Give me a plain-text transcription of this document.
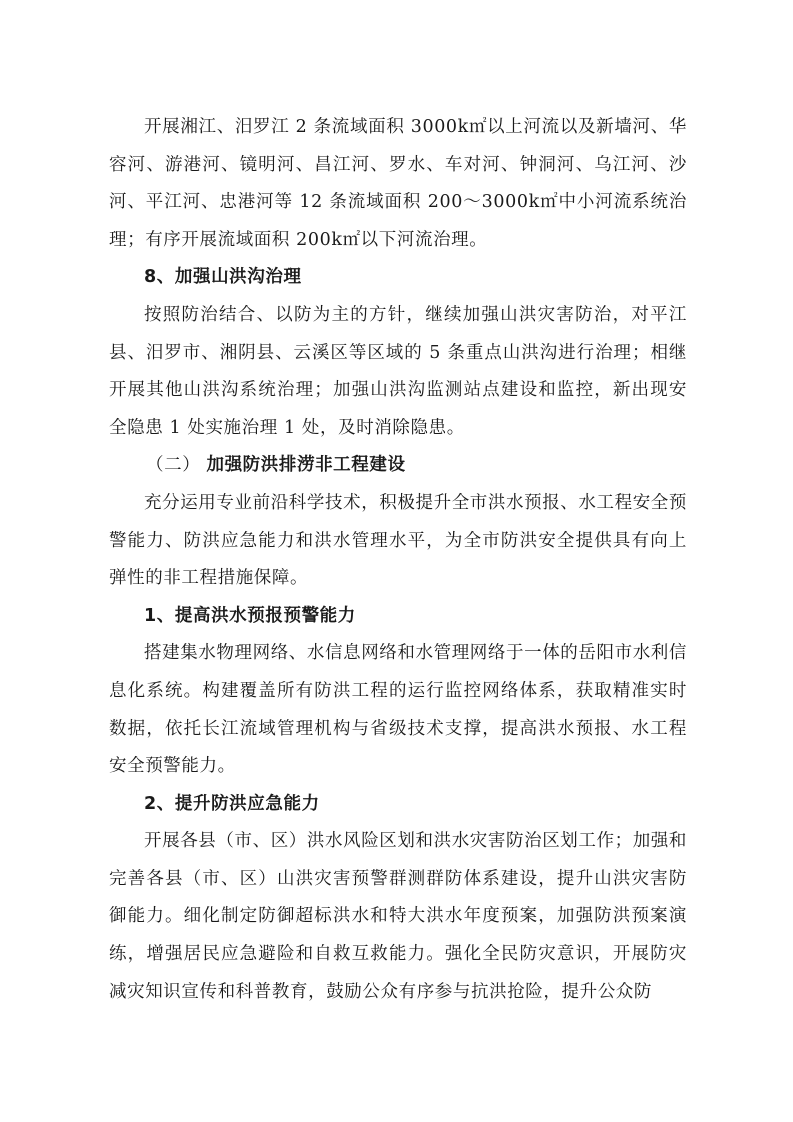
开展湘江、汨罗江 2 条流域面积 3000k㎡以上河流以及新墙河、华容河、游港河、镜明河、昌江河、罗水、车对河、钟洞河、乌江河、沙河、平江河、忠港河等 12 条流域面积 200～3000k㎡中小河流系统治理；有序开展流域面积 200k㎡以下河流治理。

8、加强山洪沟治理

按照防治结合、以防为主的方针，继续加强山洪灾害防治，对平江县、汨罗市、湘阴县、云溪区等区域的 5 条重点山洪沟进行治理；相继开展其他山洪沟系统治理；加强山洪沟监测站点建设和监控，新出现安全隐患 1 处实施治理 1 处，及时消除隐患。

（二） 加强防洪排涝非工程建设

充分运用专业前沿科学技术，积极提升全市洪水预报、水工程安全预警能力、防洪应急能力和洪水管理水平，为全市防洪安全提供具有向上弹性的非工程措施保障。

1、提高洪水预报预警能力

搭建集水物理网络、水信息网络和水管理网络于一体的岳阳市水利信息化系统。构建覆盖所有防洪工程的运行监控网络体系，获取精准实时数据，依托长江流域管理机构与省级技术支撑，提高洪水预报、水工程安全预警能力。

2、提升防洪应急能力

开展各县（市、区）洪水风险区划和洪水灾害防治区划工作；加强和完善各县（市、区）山洪灾害预警群测群防体系建设，提升山洪灾害防御能力。细化制定防御超标洪水和特大洪水年度预案，加强防洪预案演练，增强居民应急避险和自救互救能力。强化全民防灾意识，开展防灾减灾知识宣传和科普教育，鼓励公众有序参与抗洪抢险，提升公众防
